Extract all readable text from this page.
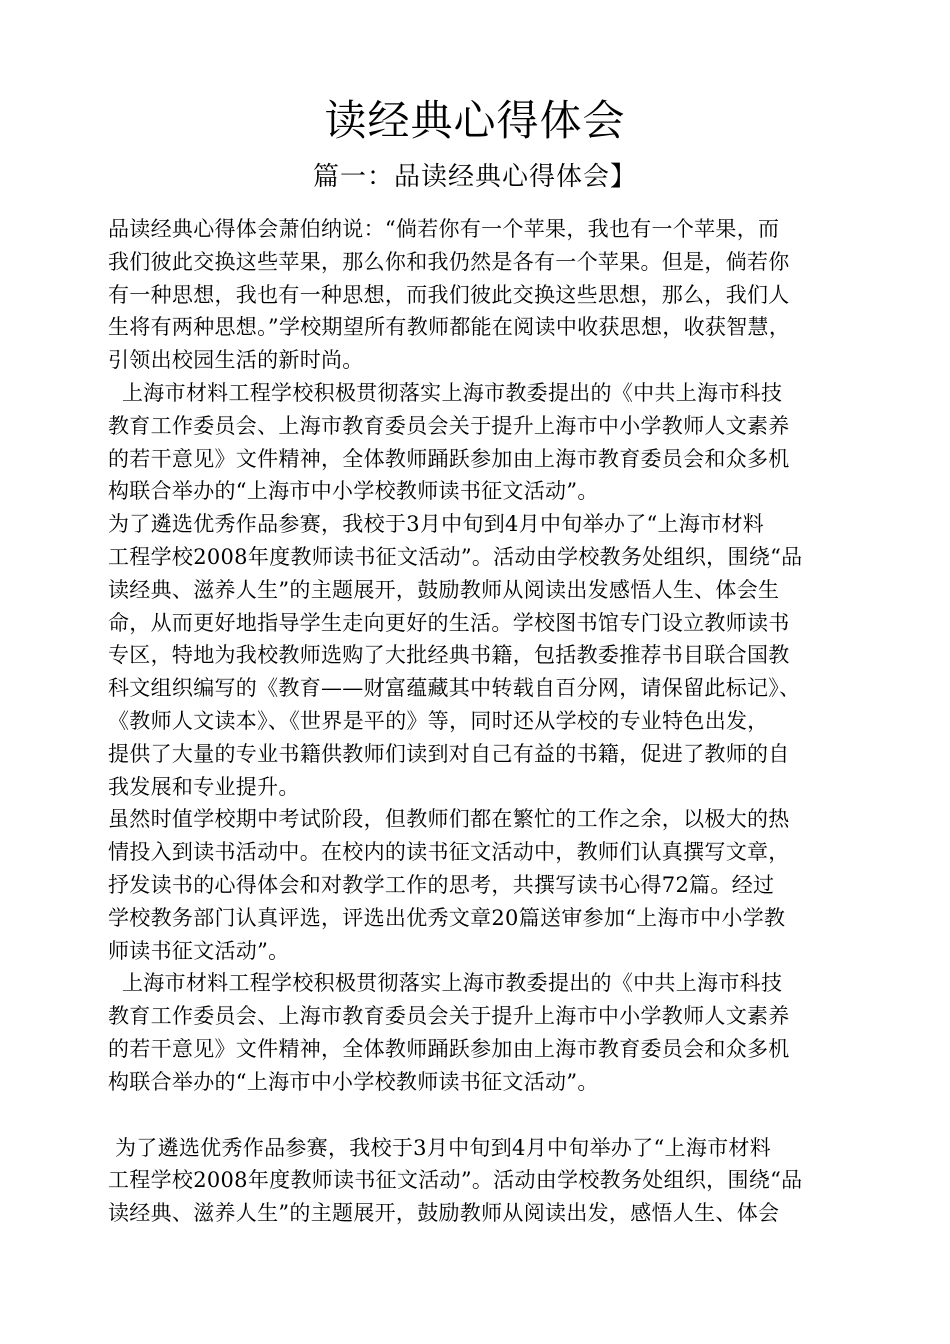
读经典心得体会
篇一：品读经典心得体会】
品读经典心得体会萧伯纳说：“倘若你有一个苹果，我也有一个苹果，而
我们彼此交换这些苹果，那么你和我仍然是各有一个苹果。但是，倘若你
有一种思想，我也有一种思想，而我们彼此交换这些思想，那么，我们人
生将有两种思想。”学校期望所有教师都能在阅读中收获思想，收获智慧，
引领出校园生活的新时尚。
上海市材料工程学校积极贯彻落实上海市教委提出的《中共上海市科技
教育工作委员会、上海市教育委员会关于提升上海市中小学教师人文素养
的若干意见》文件精神，全体教师踊跃参加由上海市教育委员会和众多机
构联合举办的“上海市中小学校教师读书征文活动”。
为了遴选优秀作品参赛，我校于3月中旬到4月中旬举办了“上海市材料
工程学校2008年度教师读书征文活动”。活动由学校教务处组织，围绕“品
读经典、滋养人生”的主题展开，鼓励教师从阅读出发感悟人生、体会生
命，从而更好地指导学生走向更好的生活。学校图书馆专门设立教师读书
专区，特地为我校教师选购了大批经典书籍，包括教委推荐书目联合国教
科文组织编写的《教育——财富蕴藏其中转载自百分网，请保留此标记》、
《教师人文读本》、《世界是平的》等，同时还从学校的专业特色出发，
提供了大量的专业书籍供教师们读到对自己有益的书籍，促进了教师的自
我发展和专业提升。
虽然时值学校期中考试阶段，但教师们都在繁忙的工作之余，以极大的热
情投入到读书活动中。在校内的读书征文活动中，教师们认真撰写文章，
抒发读书的心得体会和对教学工作的思考，共撰写读书心得72篇。经过
学校教务部门认真评选，评选出优秀文章20篇送审参加“上海市中小学教
师读书征文活动”。
上海市材料工程学校积极贯彻落实上海市教委提出的《中共上海市科技
教育工作委员会、上海市教育委员会关于提升上海市中小学教师人文素养
的若干意见》文件精神，全体教师踊跃参加由上海市教育委员会和众多机
构联合举办的“上海市中小学校教师读书征文活动”。
为了遴选优秀作品参赛，我校于3月中旬到4月中旬举办了“上海市材料
工程学校2008年度教师读书征文活动”。活动由学校教务处组织，围绕“品
读经典、滋养人生”的主题展开，鼓励教师从阅读出发，感悟人生、体会
